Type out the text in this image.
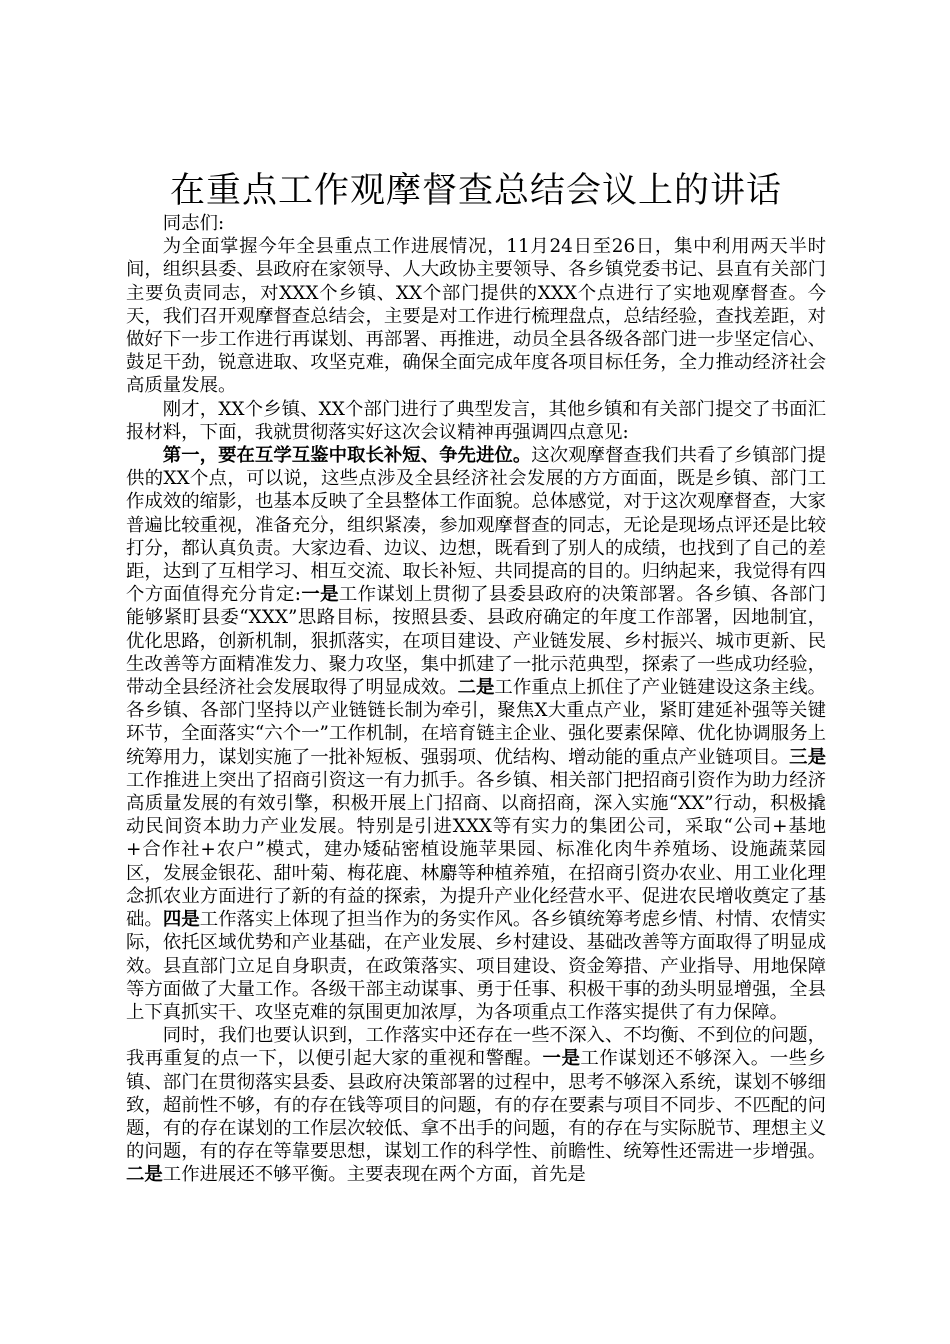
在重点工作观摩督查总结会议上的讲话
同志们:
为全面掌握今年全县重点工作进展情况，11月24日至26日，集中利用两天半时间，组织县委、县政府在家领导、人大政协主要领导、各乡镇党委书记、县直有关部门主要负责同志，对XXX个乡镇、XX个部门提供的XXX个点进行了实地观摩督查。今天，我们召开观摩督查总结会，主要是对工作进行梳理盘点，总结经验，查找差距，对做好下一步工作进行再谋划、再部署、再推进，动员全县各级各部门进一步坚定信心、鼓足干劲，锐意进取、攻坚克难，确保全面完成年度各项目标任务，全力推动经济社会高质量发展。
刚才，XX个乡镇、XX个部门进行了典型发言，其他乡镇和有关部门提交了书面汇报材料，下面，我就贯彻落实好这次会议精神再强调四点意见:
第一，要在互学互鉴中取长补短、争先进位。这次观摩督查我们共看了乡镇部门提供的XX个点，可以说，这些点涉及全县经济社会发展的方方面面，既是乡镇、部门工作成效的缩影，也基本反映了全县整体工作面貌。总体感觉，对于这次观摩督查，大家普遍比较重视，准备充分，组织紧凑，参加观摩督查的同志，无论是现场点评还是比较打分，都认真负责。大家边看、边议、边想，既看到了别人的成绩，也找到了自己的差距，达到了互相学习、相互交流、取长补短、共同提高的目的。归纳起来，我觉得有四个方面值得充分肯定:一是工作谋划上贯彻了县委县政府的决策部署。各乡镇、各部门能够紧盯县委“XXX”思路目标，按照县委、县政府确定的年度工作部署，因地制宜，优化思路，创新机制，狠抓落实，在项目建设、产业链发展、乡村振兴、城市更新、民生改善等方面精准发力、聚力攻坚，集中抓建了一批示范典型，探索了一些成功经验，带动全县经济社会发展取得了明显成效。二是工作重点上抓住了产业链建设这条主线。各乡镇、各部门坚持以产业链链长制为牵引，聚焦X大重点产业，紧盯建延补强等关键环节，全面落实“六个一”工作机制，在培育链主企业、强化要素保障、优化协调服务上统筹用力，谋划实施了一批补短板、强弱项、优结构、增动能的重点产业链项目。三是工作推进上突出了招商引资这一有力抓手。各乡镇、相关部门把招商引资作为助力经济高质量发展的有效引擎，积极开展上门招商、以商招商，深入实施“XX”行动，积极撬动民间资本助力产业发展。特别是引进XXX等有实力的集团公司，采取“公司+基地+合作社+农户”模式，建办矮砧密植设施苹果园、标准化肉牛养殖场、设施蔬菜园区，发展金银花、甜叶菊、梅花鹿、林麝等种植养殖，在招商引资办农业、用工业化理念抓农业方面进行了新的有益的探索，为提升产业化经营水平、促进农民增收奠定了基础。四是工作落实上体现了担当作为的务实作风。各乡镇统筹考虑乡情、村情、农情实际，依托区域优势和产业基础，在产业发展、乡村建设、基础改善等方面取得了明显成效。县直部门立足自身职责，在政策落实、项目建设、资金筹措、产业指导、用地保障等方面做了大量工作。各级干部主动谋事、勇于任事、积极干事的劲头明显增强，全县上下真抓实干、攻坚克难的氛围更加浓厚，为各项重点工作落实提供了有力保障。
同时，我们也要认识到，工作落实中还存在一些不深入、不均衡、不到位的问题，我再重复的点一下，以便引起大家的重视和警醒。一是工作谋划还不够深入。一些乡镇、部门在贯彻落实县委、县政府决策部署的过程中，思考不够深入系统，谋划不够细致，超前性不够，有的存在钱等项目的问题，有的存在要素与项目不同步、不匹配的问题，有的存在谋划的工作层次较低、拿不出手的问题，有的存在与实际脱节、理想主义的问题，有的存在等靠要思想，谋划工作的科学性、前瞻性、统筹性还需进一步增强。二是工作进展还不够平衡。主要表现在两个方面，首先是
